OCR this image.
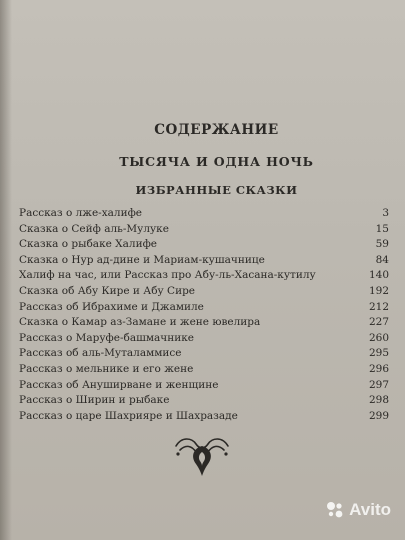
СОДЕРЖАНИЕ
ТЫСЯЧА И ОДНА НОЧЬ
ИЗБРАННЫЕ СКАЗКИ
Рассказ о лже-халифе	3
Сказка о Сейф аль-Мулуке	15
Сказка о рыбаке Халифе	59
Сказка о Нур ад-дине и Мариам-кушачнице	84
Халиф на час, или Рассказ про Абу-ль-Хасана-кутилу	140
Сказка об Абу Кире и Абу Сире	192
Рассказ об Ибрахиме и Джамиле	212
Сказка о Камар аз-Замане и жене ювелира	227
Рассказ о Маруфе-башмачнике	260
Рассказ об аль-Муталаммисе	295
Рассказ о мельнике и его жене	296
Рассказ об Ануширване и женщине	297
Рассказ о Ширин и рыбаке	298
Рассказ о царе Шахрияре и Шахразаде	299
Avito
